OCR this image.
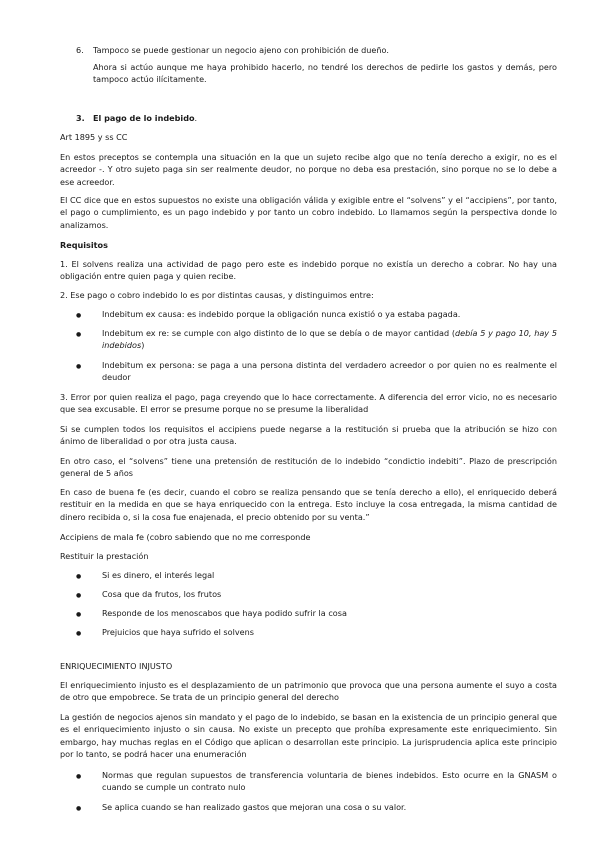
6. Tampoco se puede gestionar un negocio ajeno con prohibición de dueño.

Ahora si actúo aunque me haya prohibido hacerlo, no tendré los derechos de pedirle los gastos y demás, pero tampoco actúo ilícitamente.

3. El pago de lo indebido.

Art 1895 y ss CC

En estos preceptos se contempla una situación en la que un sujeto recibe algo que no tenía derecho a exigir, no es el acreedor -. Y otro sujeto paga sin ser realmente deudor, no porque no deba esa prestación, sino porque no se lo debe a ese acreedor.

El CC dice que en estos supuestos no existe una obligación válida y exigible entre el “solvens” y el “accipiens”, por tanto, el pago o cumplimiento, es un pago indebido y por tanto un cobro indebido. Lo llamamos según la perspectiva donde lo analizamos.

Requisitos

1. El solvens realiza una actividad de pago pero este es indebido porque no existía un derecho a cobrar. No hay una obligación entre quien paga y quien recibe.

2. Ese pago o cobro indebido lo es por distintas causas, y distinguimos entre:

●

Indebitum ex causa: es indebido porque la obligación nunca existió o ya estaba pagada.

●

Indebitum ex re: se cumple con algo distinto de lo que se debía o de mayor cantidad (debía 5 y pago 10, hay 5 indebidos)

●

Indebitum ex persona: se paga a una persona distinta del verdadero acreedor o por quien no es realmente el deudor

3. Error por quien realiza el pago, paga creyendo que lo hace correctamente. A diferencia del error vicio, no es necesario que sea excusable. El error se presume porque no se presume la liberalidad

Si se cumplen todos los requisitos el accipiens puede negarse a la restitución si prueba que la atribución se hizo con ánimo de liberalidad o por otra justa causa.

En otro caso, el “solvens” tiene una pretensión de restitución de lo indebido “condictio indebiti”. Plazo de prescripción general de 5 años

En caso de buena fe (es decir, cuando el cobro se realiza pensando que se tenía derecho a ello), el enriquecido deberá restituir en la medida en que se haya enriquecido con la entrega. Esto incluye la cosa entregada, la misma cantidad de dinero recibida o, si la cosa fue enajenada, el precio obtenido por su venta.”

Accipiens de mala fe (cobro sabiendo que no me corresponde

Restituir la prestación

●

Si es dinero, el interés legal

●

Cosa que da frutos, los frutos

●

Responde de los menoscabos que haya podido sufrir la cosa

●

Prejuicios que haya sufrido el solvens

ENRIQUECIMIENTO INJUSTO

El enriquecimiento injusto es el desplazamiento de un patrimonio que provoca que una persona aumente el suyo a costa de otro que empobrece. Se trata de un principio general del derecho

La gestión de negocios ajenos sin mandato y el pago de lo indebido, se basan en la existencia de un principio general que es el enriquecimiento injusto o sin causa. No existe un precepto que prohíba expresamente este enriquecimiento. Sin embargo, hay muchas reglas en el Código que aplican o desarrollan este principio. La jurisprudencia aplica este principio por lo tanto, se podrá hacer una enumeración

●

Normas que regulan supuestos de transferencia voluntaria de bienes indebidos. Esto ocurre en la GNASM o cuando se cumple un contrato nulo

●

Se aplica cuando se han realizado gastos que mejoran una cosa o su valor.
